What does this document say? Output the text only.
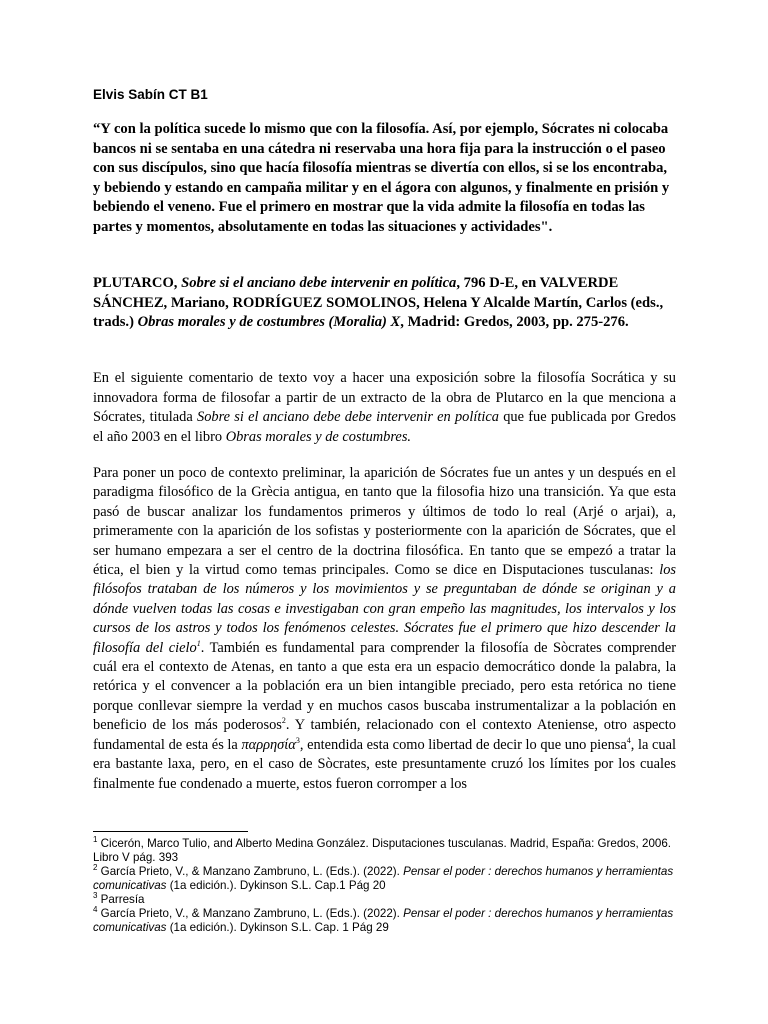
Elvis Sabín CT B1

“Y con la política sucede lo mismo que con la filosofía. Así, por ejemplo, Sócrates ni colocaba bancos ni se sentaba en una cátedra ni reservaba una hora fija para la instrucción o el paseo con sus discípulos, sino que hacía filosofía mientras se divertía con ellos, si se los encontraba, y bebiendo y estando en campaña militar y en el ágora con algunos, y finalmente en prisión y bebiendo el veneno. Fue el primero en mostrar que la vida admite la filosofía en todas las partes y momentos, absolutamente en todas las situaciones y actividades".

PLUTARCO, Sobre si el anciano debe intervenir en política, 796 D-E, en VALVERDE SÁNCHEZ, Mariano, RODRÍGUEZ SOMOLINOS, Helena Y Alcalde Martín, Carlos (eds., trads.) Obras morales y de costumbres (Moralia) X, Madrid: Gredos, 2003, pp. 275-276.

En el siguiente comentario de texto voy a hacer una exposición sobre la filosofía Socrática y su innovadora forma de filosofar a partir de un extracto de la obra de Plutarco en la que menciona a Sócrates, titulada Sobre si el anciano debe debe intervenir en política que fue publicada por Gredos el año 2003 en el libro Obras morales y de costumbres.

Para poner un poco de contexto preliminar, la aparición de Sócrates fue un antes y un después en el paradigma filosófico de la Grècia antigua, en tanto que la filosofia hizo una transición. Ya que esta pasó de buscar analizar los fundamentos primeros y últimos de todo lo real (Arjé o arjai), a, primeramente con la aparición de los sofistas y posteriormente con la aparición de Sócrates, que el ser humano empezara a ser el centro de la doctrina filosófica. En tanto que se empezó a tratar la ética, el bien y la virtud como temas principales. Como se dice en Disputaciones tusculanas: los filósofos trataban de los números y los movimientos y se preguntaban de dónde se originan y a dónde vuelven todas las cosas e investigaban con gran empeño las magnitudes, los intervalos y los cursos de los astros y todos los fenómenos celestes. Sócrates fue el primero que hizo descender la filosofía del cielo$^1$. También es fundamental para comprender la filosofía de Sòcrates comprender cuál era el contexto de Atenas, en tanto a que esta era un espacio democrático donde la palabra, la retórica y el convencer a la población era un bien intangible preciado, pero esta retórica no tiene porque conllevar siempre la verdad y en muchos casos buscaba instrumentalizar a la población en beneficio de los más poderosos$^2$. Y también, relacionado con el contexto Ateniense, otro aspecto fundamental de esta és la παρρησία$^3$, entendida esta como libertad de decir lo que uno piensa$^4$, la cual era bastante laxa, pero, en el caso de Sòcrates, este presuntamente cruzó los límites por los cuales finalmente fue condenado a muerte, estos fueron corromper a los

$^1$ Cicerón, Marco Tulio, and Alberto Medina González. Disputaciones tusculanas. Madrid, España: Gredos, 2006. Libro V pág. 393

$^2$ García Prieto, V., & Manzano Zambruno, L. (Eds.). (2022). Pensar el poder : derechos humanos y herramientas comunicativas (1a edición.). Dykinson S.L. Cap.1 Pág 20

$^3$ Parresía

$^4$ García Prieto, V., & Manzano Zambruno, L. (Eds.). (2022). Pensar el poder : derechos humanos y herramientas comunicativas (1a edición.). Dykinson S.L. Cap. 1 Pág 29
